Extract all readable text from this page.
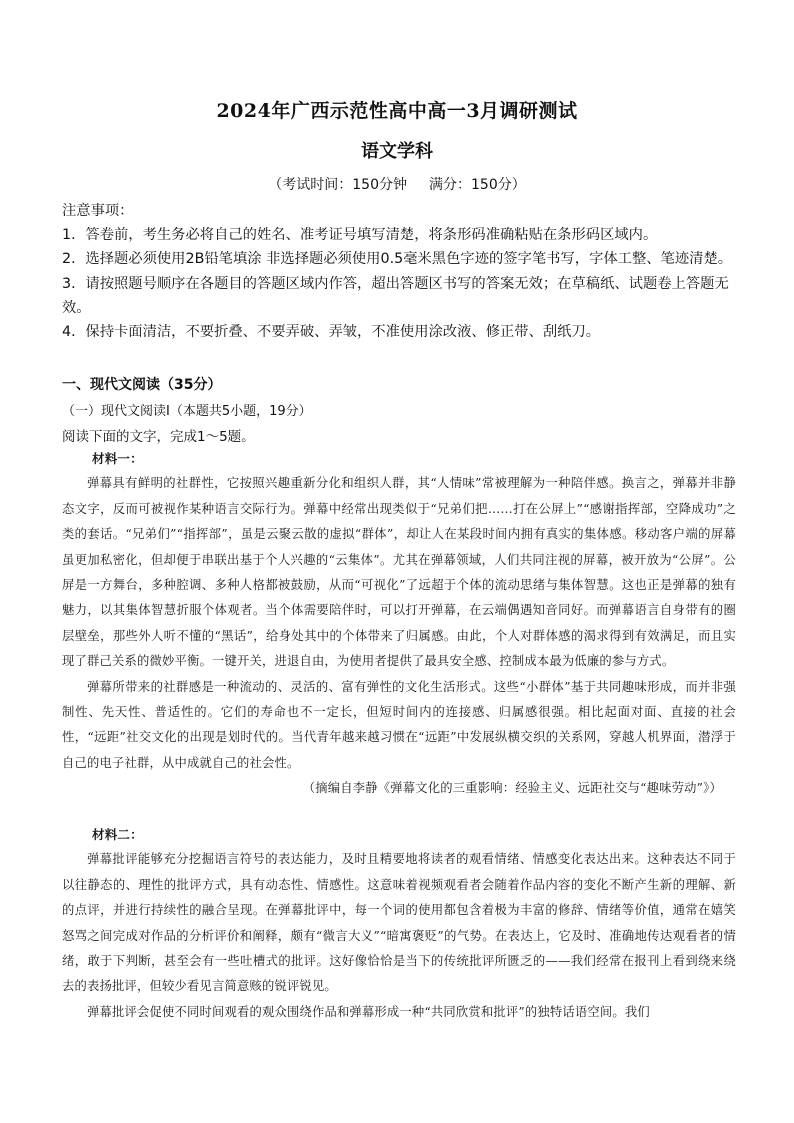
2024年广西示范性高中高一3月调研测试
语文学科
（考试时间：150分钟 满分：150分）

注意事项：

1．答卷前，考生务必将自己的姓名、准考证号填写清楚，将条形码准确粘贴在条形码区域内。

2．选择题必须使用2B铅笔填涂 非选择题必须使用0.5毫米黑色字迹的签字笔书写，字体工整、笔迹清楚。

3．请按照题号顺序在各题目的答题区域内作答，超出答题区书写的答案无效；在草稿纸、试题卷上答题无效。

4．保持卡面清洁，不要折叠、不要弄破、弄皱，不准使用涂改液、修正带、刮纸刀。

一、现代文阅读（35分）
（一）现代文阅读Ⅰ（本题共5小题，19分）
阅读下面的文字，完成1～5题。

材料一：

弹幕具有鲜明的社群性，它按照兴趣重新分化和组织人群，其“人情味”常被理解为一种陪伴感。换言之，弹幕并非静态文字，反而可被视作某种语言交际行为。弹幕中经常出现类似于“兄弟们把……打在公屏上”“感谢指挥部，空降成功”之类的套话。“兄弟们”“指挥部”，虽是云聚云散的虚拟“群体”，却让人在某段时间内拥有真实的集体感。移动客户端的屏幕虽更加私密化，但却便于串联出基于个人兴趣的“云集体”。尤其在弹幕领域，人们共同注视的屏幕，被开放为“公屏”。公屏是一方舞台，多种腔调、多种人格都被鼓励，从而“可视化”了远超于个体的流动思绪与集体智慧。这也正是弹幕的独有魅力，以其集体智慧折服个体观者。当个体需要陪伴时，可以打开弹幕，在云端偶遇知音同好。而弹幕语言自身带有的圈层壁垒，那些外人听不懂的“黑话”，给身处其中的个体带来了归属感。由此，个人对群体感的渴求得到有效满足，而且实现了群己关系的微妙平衡。一键开关，进退自由，为使用者提供了最具安全感、控制成本最为低廉的参与方式。

弹幕所带来的社群感是一种流动的、灵活的、富有弹性的文化生活形式。这些“小群体”基于共同趣味形成，而并非强制性、先天性、普适性的。它们的寿命也不一定长，但短时间内的连接感、归属感很强。相比起面对面、直接的社会性，“远距”社交文化的出现是划时代的。当代青年越来越习惯在“远距”中发展纵横交织的关系网，穿越人机界面，潜浮于自己的电子社群，从中成就自己的社会性。

（摘编自李静《弹幕文化的三重影响：经验主义、远距社交与“趣味劳动”》）

材料二：

弹幕批评能够充分挖掘语言符号的表达能力，及时且精要地将读者的观看情绪、情感变化表达出来。这种表达不同于以往静态的、理性的批评方式，具有动态性、情感性。这意味着视频观看者会随着作品内容的变化不断产生新的理解、新的点评，并进行持续性的融合呈现。在弹幕批评中，每一个词的使用都包含着极为丰富的修辞、情绪等价值，通常在嬉笑怒骂之间完成对作品的分析评价和阐释，颇有“微言大义”“暗寓褒贬”的气势。在表达上，它及时、准确地传达观看者的情绪，敢于下判断，甚至会有一些吐槽式的批评。这好像恰恰是当下的传统批评所匮乏的——我们经常在报刊上看到绕来绕去的表扬批评，但较少看见言简意赅的锐评锐见。

弹幕批评会促使不同时间观看的观众围绕作品和弹幕形成一种“共同欣赏和批评”的独特话语空间。我们
